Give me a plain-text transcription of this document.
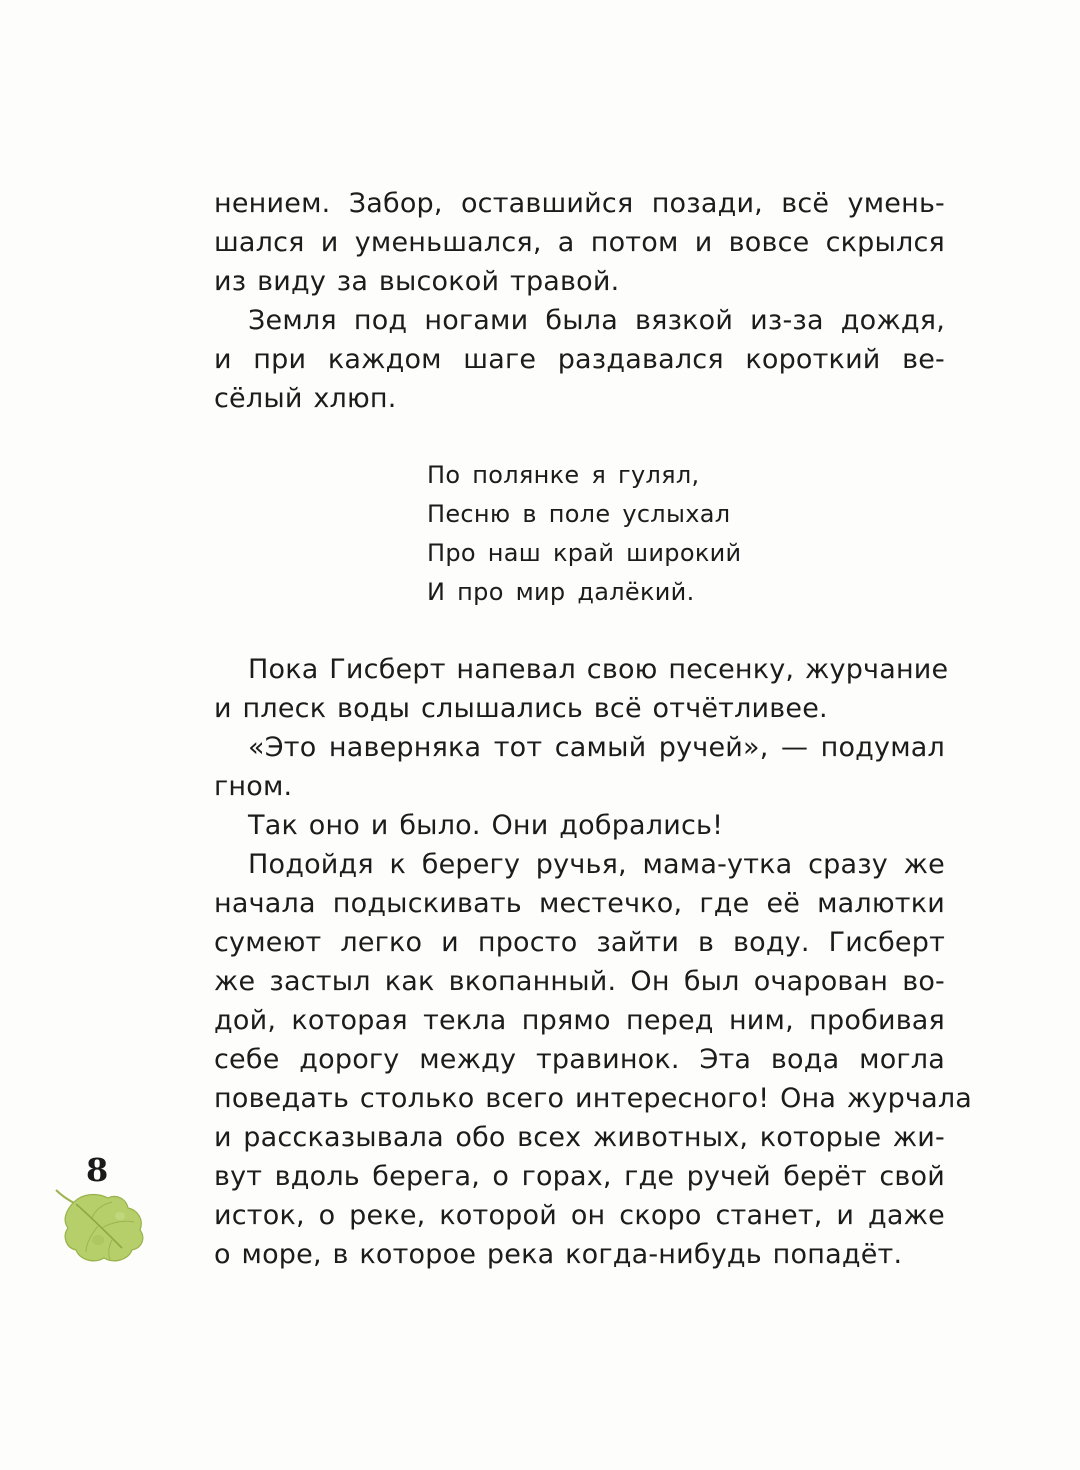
нением. Забор, оставшийся позади, всё умень-
шался и уменьшался, а потом и вовсе скрылся
из виду за высокой травой.
Земля под ногами была вязкой из-за дождя,
и при каждом шаге раздавался короткий ве-
сёлый хлюп.
По полянке я гулял,
Песню в поле услыхал
Про наш край широкий
И про мир далёкий.
Пока Гисберт напевал свою песенку, журчание
и плеск воды слышались всё отчётливее.
«Это наверняка тот самый ручей», — подумал
гном.
Так оно и было. Они добрались!
Подойдя к берегу ручья, мама-утка сразу же
начала подыскивать местечко, где её малютки
сумеют легко и просто зайти в воду. Гисберт
же застыл как вкопанный. Он был очарован во-
дой, которая текла прямо перед ним, пробивая
себе дорогу между травинок. Эта вода могла
поведать столько всего интересного! Она журчала
и рассказывала обо всех животных, которые жи-
вут вдоль берега, о горах, где ручей берёт свой
исток, о реке, которой он скоро станет, и даже
о море, в которое река когда-нибудь попадёт.
8
